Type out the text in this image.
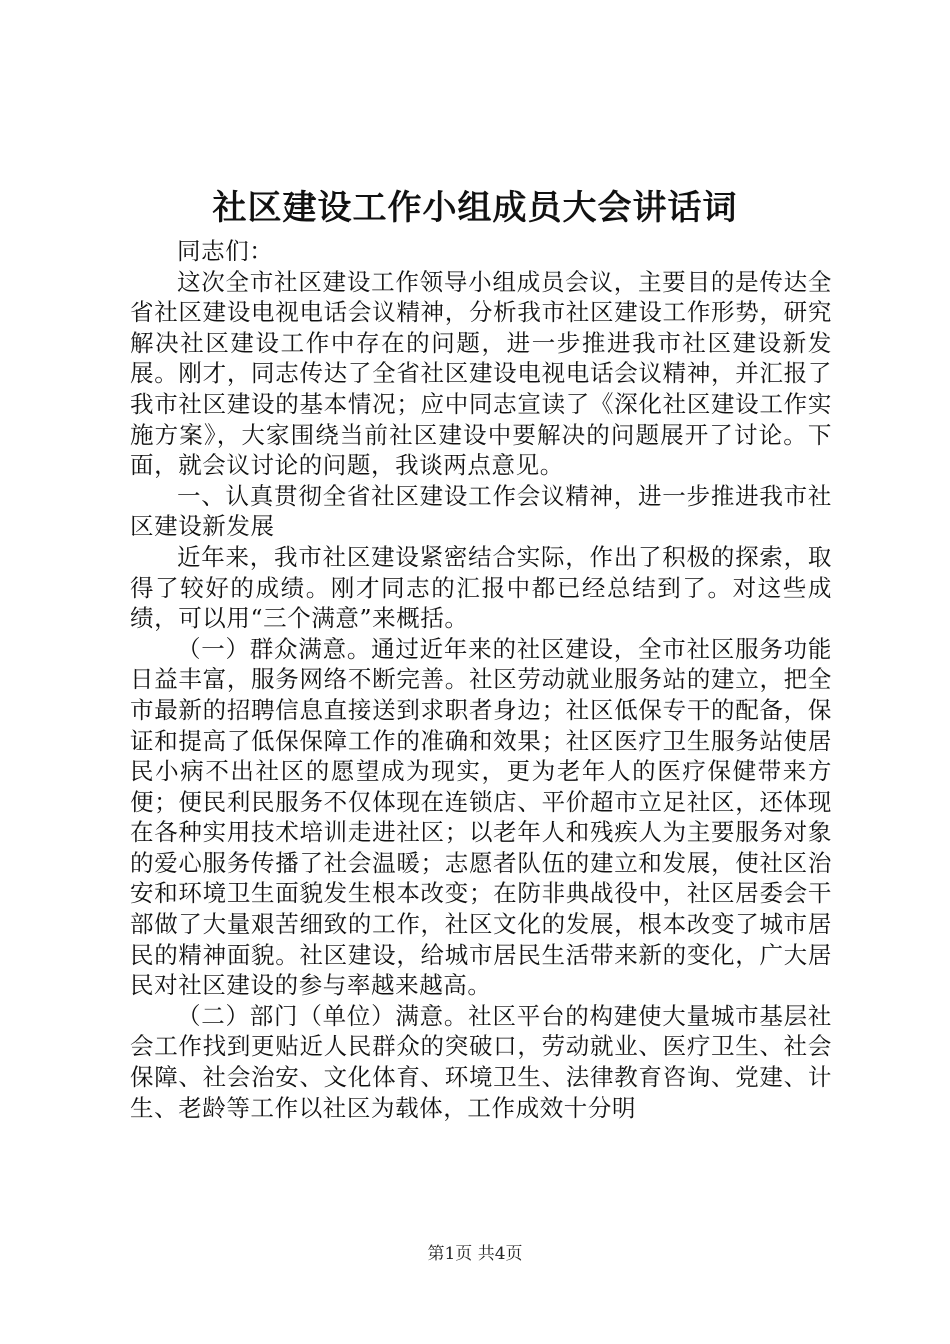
社区建设工作小组成员大会讲话词

同志们：

这次全市社区建设工作领导小组成员会议，主要目的是传达全省社区建设电视电话会议精神，分析我市社区建设工作形势，研究解决社区建设工作中存在的问题，进一步推进我市社区建设新发展。刚才，同志传达了全省社区建设电视电话会议精神，并汇报了我市社区建设的基本情况；应中同志宣读了《深化社区建设工作实施方案》，大家围绕当前社区建设中要解决的问题展开了讨论。下面，就会议讨论的问题，我谈两点意见。

一、认真贯彻全省社区建设工作会议精神，进一步推进我市社区建设新发展

近年来，我市社区建设紧密结合实际，作出了积极的探索，取得了较好的成绩。刚才同志的汇报中都已经总结到了。对这些成绩，可以用“三个满意”来概括。

（一）群众满意。通过近年来的社区建设，全市社区服务功能日益丰富，服务网络不断完善。社区劳动就业服务站的建立，把全市最新的招聘信息直接送到求职者身边；社区低保专干的配备，保证和提高了低保保障工作的准确和效果；社区医疗卫生服务站使居民小病不出社区的愿望成为现实，更为老年人的医疗保健带来方便；便民利民服务不仅体现在连锁店、平价超市立足社区，还体现在各种实用技术培训走进社区；以老年人和残疾人为主要服务对象的爱心服务传播了社会温暖；志愿者队伍的建立和发展，使社区治安和环境卫生面貌发生根本改变；在防非典战役中，社区居委会干部做了大量艰苦细致的工作，社区文化的发展，根本改变了城市居民的精神面貌。社区建设，给城市居民生活带来新的变化，广大居民对社区建设的参与率越来越高。

（二）部门（单位）满意。社区平台的构建使大量城市基层社会工作找到更贴近人民群众的突破口，劳动就业、医疗卫生、社会保障、社会治安、文化体育、环境卫生、法律教育咨询、党建、计生、老龄等工作以社区为载体，工作成效十分明

第1页 共4页
